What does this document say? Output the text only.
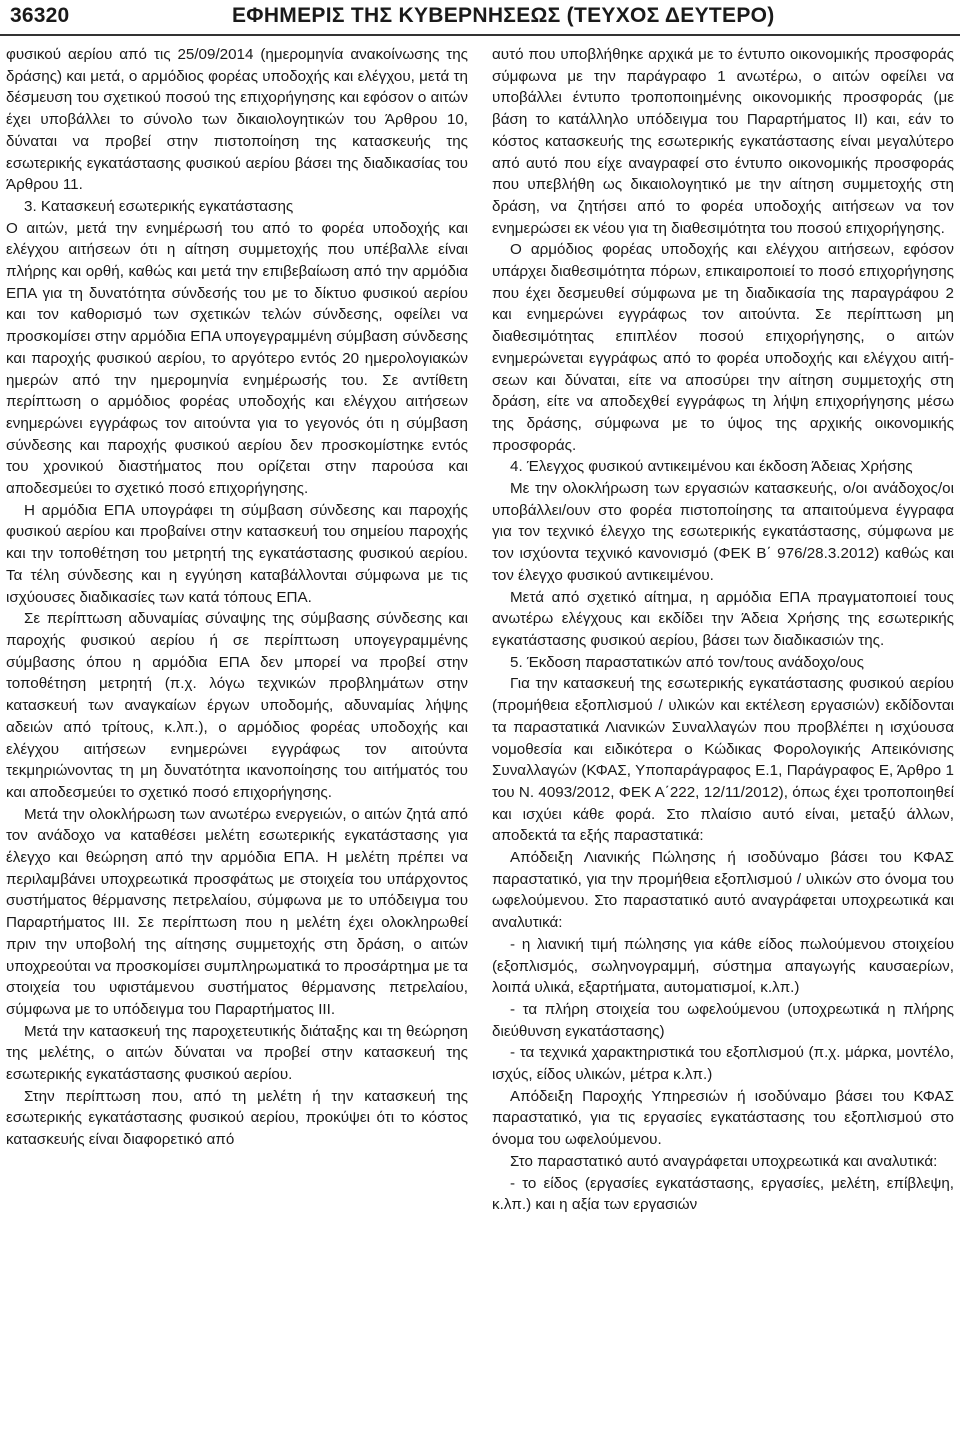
36320	ΕΦΗΜΕΡΙΣ ΤΗΣ ΚΥΒΕΡΝΗΣΕΩΣ (ΤΕΥΧΟΣ ΔΕΥΤΕΡΟ)

φυσικού αερίου από τις 25/09/2014 (ημερομηνία ανακοίνωσης της δράσης) και μετά, ο αρμόδιος φορέας υποδοχής και ελέγχου, μετά τη δέσμευση του σχετικού ποσού της επιχορήγησης και εφόσον ο αιτών έχει υποβάλλει το σύνολο των δικαιολογητικών του Άρθρου 10, δύναται να προβεί στην πιστοποίηση της κατασκευής της εσωτερικής εγκατάστασης φυσικού αερίου βάσει της διαδικασίας του Άρθρου 11.

3. Κατασκευή εσωτερικής εγκατάστασης

Ο αιτών, μετά την ενημέρωσή του από το φορέα υποδοχής και ελέγχου αιτήσεων ότι η αίτηση συμμετοχής που υπέβαλλε είναι πλήρης και ορθή, καθώς και μετά την επιβεβαίωση από την αρμόδια ΕΠΑ για τη δυνατότητα σύνδεσής του με το δίκτυο φυσικού αερίου και τον καθορισμό των σχετικών τελών σύνδεσης, οφείλει να προσκομίσει στην αρμόδια ΕΠΑ υπογεγραμμένη σύμβαση σύνδεσης και παροχής φυσικού αερίου, το αργότερο εντός 20 ημερολογιακών ημερών από την ημερομηνία ενημέρωσής του. Σε αντίθετη περίπτωση ο αρμόδιος φορέας υποδοχής και ελέγχου αιτήσεων ενημερώνει εγγράφως τον αιτούντα για το γεγονός ότι η σύμβαση σύνδεσης και παροχής φυσικού αερίου δεν προσκομίστηκε εντός του χρονικού διαστήματος που ορίζεται στην παρούσα και αποδεσμεύει το σχετικό ποσό επιχορήγησης.

Η αρμόδια ΕΠΑ υπογράφει τη σύμβαση σύνδεσης και παροχής φυσικού αερίου και προβαίνει στην κατασκευή του σημείου παροχής και την τοποθέτηση του μετρητή της εγκατάστασης φυσικού αερίου. Τα τέλη σύνδεσης και η εγγύηση καταβάλλονται σύμφωνα με τις ισχύουσες διαδικασίες των κατά τόπους ΕΠΑ.

Σε περίπτωση αδυναμίας σύναψης της σύμβασης σύνδεσης και παροχής φυσικού αερίου ή σε περίπτωση υπογεγραμμένης σύμβασης όπου η αρμόδια ΕΠΑ δεν μπορεί να προβεί στην τοποθέτηση μετρητή (π.χ. λόγω τεχνικών προβλημάτων στην κατασκευή των αναγκαίων έργων υποδομής, αδυναμίας λήψης αδειών από τρίτους, κ.λπ.), ο αρμόδιος φορέας υποδοχής και ελέγχου αιτήσεων ενημερώνει εγγράφως τον αιτούντα τεκμηριώνοντας τη μη δυνατότητα ικανοποίησης του αιτήματός του και αποδεσμεύει το σχετικό ποσό επιχορήγησης.

Μετά την ολοκλήρωση των ανωτέρω ενεργειών, ο αιτών ζητά από τον ανάδοχο να καταθέσει μελέτη εσωτερικής εγκατάστασης για έλεγχο και θεώρηση από την αρμόδια ΕΠΑ. Η μελέτη πρέπει να περιλαμβάνει υποχρεωτικά προσφάτως με στοιχεία του υπάρχοντος συστήματος θέρμανσης πετρελαίου, σύμφωνα με το υπόδειγμα του Παραρτήματος ΙΙΙ. Σε περίπτωση που η μελέτη έχει ολοκληρωθεί πριν την υποβολή της αίτησης συμμετοχής στη δράση, ο αιτών υποχρεούται να προσκομίσει συμπληρωματικά το προσάρτημα με τα στοιχεία του υφιστάμενου συστήματος θέρμανσης πετρελαίου, σύμφωνα με το υπόδειγμα του Παραρτήματος ΙΙΙ.

Μετά την κατασκευή της παροχετευτικής διάταξης και τη θεώρηση της μελέτης, ο αιτών δύναται να προβεί στην κατασκευή της εσωτερικής εγκατάστασης φυσικού αερίου.

Στην περίπτωση που, από τη μελέτη ή την κατασκευή της εσωτερικής εγκατάστασης φυσικού αερίου, προκύψει ότι το κόστος κατασκευής είναι διαφορετικό από

αυτό που υποβλήθηκε αρχικά με το έντυπο οικονομικής προσφοράς σύμφωνα με την παράγραφο 1 ανωτέρω, ο αιτών οφείλει να υποβάλλει έντυπο τροποποιημένης οικονομικής προσφοράς (με βάση το κατάλληλο υπόδειγμα του Παραρτήματος ΙΙ) και, εάν το κόστος κατασκευής της εσωτερικής εγκατάστασης είναι μεγαλύτερο από αυτό που είχε αναγραφεί στο έντυπο οικονομικής προσφοράς που υπεβλήθη ως δικαιολογητικό με την αίτηση συμμετοχής στη δράση, να ζητήσει από το φορέα υποδοχής αιτήσεων να τον ενημερώσει εκ νέου για τη διαθεσιμότητα του ποσού επιχορήγησης.

Ο αρμόδιος φορέας υποδοχής και ελέγχου αιτήσεων, εφόσον υπάρχει διαθεσιμότητα πόρων, επικαιροποιεί το ποσό επιχορήγησης που έχει δεσμευθεί σύμφωνα με τη διαδικασία της παραγράφου 2 και ενημερώνει εγγράφως τον αιτούντα. Σε περίπτωση μη διαθεσιμότητας επιπλέον ποσού επιχορήγησης, ο αιτών ενημερώνεται εγγράφως από το φορέα υποδοχής και ελέγχου αιτήσεων και δύναται, είτε να αποσύρει την αίτηση συμμετοχής στη δράση, είτε να αποδεχθεί εγγράφως τη λήψη επιχορήγησης μέσω της δράσης, σύμφωνα με το ύψος της αρχικής οικονομικής προσφοράς.

4. Έλεγχος φυσικού αντικειμένου και έκδοση Άδειας Χρήσης

Με την ολοκλήρωση των εργασιών κατασκευής, ο/οι ανάδοχος/οι υποβάλλει/ουν στο φορέα πιστοποίησης τα απαιτούμενα έγγραφα για τον τεχνικό έλεγχο της εσωτερικής εγκατάστασης, σύμφωνα με τον ισχύοντα τεχνικό κανονισμό (ΦΕΚ Β΄ 976/28.3.2012) καθώς και τον έλεγχο φυσικού αντικειμένου.

Μετά από σχετικό αίτημα, η αρμόδια ΕΠΑ πραγματοποιεί τους ανωτέρω ελέγχους και εκδίδει την Άδεια Χρήσης της εσωτερικής εγκατάστασης φυσικού αερίου, βάσει των διαδικασιών της.

5. Έκδοση παραστατικών από τον/τους ανάδοχο/ους

Για την κατασκευή της εσωτερικής εγκατάστασης φυσικού αερίου (προμήθεια εξοπλισμού / υλικών και εκτέλεση εργασιών) εκδίδονται τα παραστατικά Λιανικών Συναλλαγών που προβλέπει η ισχύουσα νομοθεσία και ειδικότερα ο Κώδικας Φορολογικής Απεικόνισης Συναλλαγών (ΚΦΑΣ, Υποπαράγραφος Ε.1, Παράγραφος Ε, Άρθρο 1 του Ν. 4093/2012, ΦΕΚ Α΄222, 12/11/2012), όπως έχει τροποποιηθεί και ισχύει κάθε φορά. Στο πλαίσιο αυτό είναι, μεταξύ άλλων, αποδεκτά τα εξής παραστατικά:

Απόδειξη Λιανικής Πώλησης ή ισοδύναμο βάσει του ΚΦΑΣ παραστατικό, για την προμήθεια εξοπλισμού / υλικών στο όνομα του ωφελούμενου. Στο παραστατικό αυτό αναγράφεται υποχρεωτικά και αναλυτικά:

- η λιανική τιμή πώλησης για κάθε είδος πωλούμενου στοιχείου (εξοπλισμός, σωληνογραμμή, σύστημα απαγωγής καυσαερίων, λοιπά υλικά, εξαρτήματα, αυτοματισμοί, κ.λπ.)

- τα πλήρη στοιχεία του ωφελούμενου (υποχρεωτικά η πλήρης διεύθυνση εγκατάστασης)

- τα τεχνικά χαρακτηριστικά του εξοπλισμού (π.χ. μάρκα, μοντέλο, ισχύς, είδος υλικών, μέτρα κ.λπ.)

Απόδειξη Παροχής Υπηρεσιών ή ισοδύναμο βάσει του ΚΦΑΣ παραστατικό, για τις εργασίες εγκατάστασης του εξοπλισμού στο όνομα του ωφελούμενου.

Στο παραστατικό αυτό αναγράφεται υποχρεωτικά και αναλυτικά:

- το είδος (εργασίες εγκατάστασης, εργασίες, μελέτη, επίβλεψη, κ.λπ.) και η αξία των εργασιών
